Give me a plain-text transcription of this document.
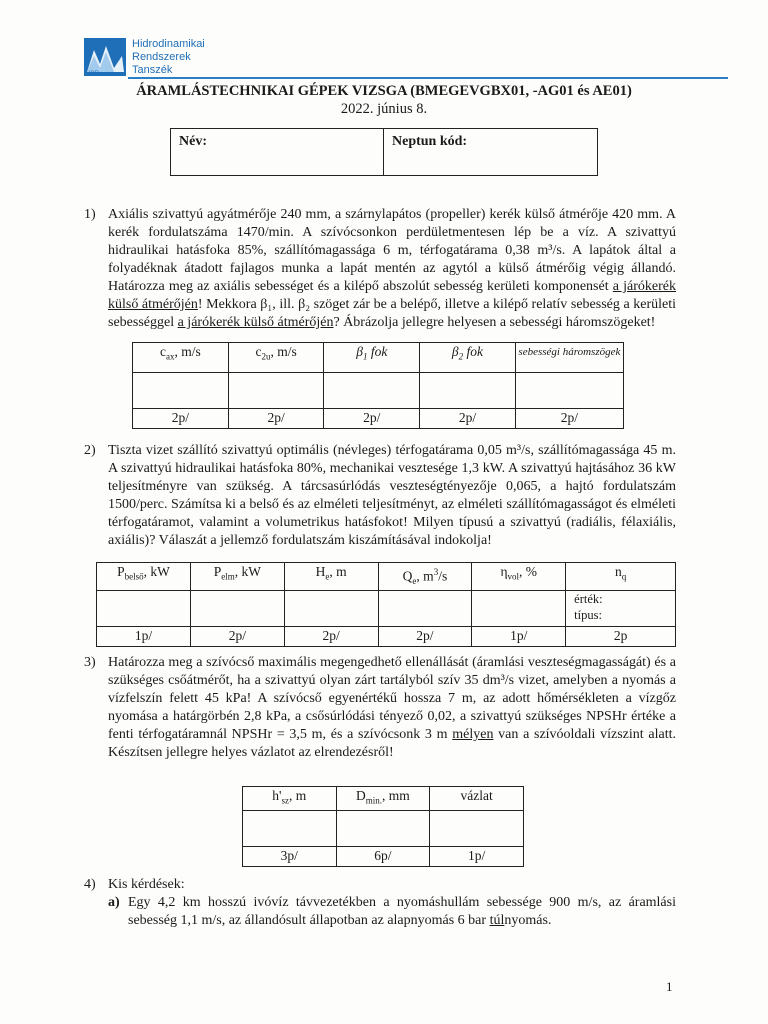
HDR
Hidrodinamikai
Rendszerek
Tanszék
ÁRAMLÁSTECHNIKAI GÉPEK VIZSGA (BMEGEVGBX01, -AG01 és AE01)
2022. június 8.
Név:	Neptun kód:
1) Axiális szivattyú agyátmérője 240 mm, a szárnylapátos (propeller) kerék külső átmérője 420 mm. A kerék fordulatszáma 1470/min. A szívócsonkon perdületmentesen lép be a víz. A szivattyú hidraulikai hatásfoka 85%, szállítómagassága 6 m, térfogatárama 0,38 m³/s. A lapátok által a folyadéknak átadott fajlagos munka a lapát mentén az agytól a külső átmérőig végig állandó. Határozza meg az axiális sebességet és a kilépő abszolút sebesség kerületi komponensét a járókerék külső átmérőjén! Mekkora β₁, ill. β₂ szöget zár be a belépő, illetve a kilépő relatív sebesség a kerületi sebességgel a járókerék külső átmérőjén? Ábrázolja jellegre helyesen a sebességi háromszögeket!

$c_{ax}$, m/s	$c_{2u}$, m/s	$\beta_1$ fok	$\beta_2$ fok	sebességi háromszögek

2p/	2p/	2p/	2p/	2p/
2) Tiszta vizet szállító szivattyú optimális (névleges) térfogatárama 0,05 m³/s, szállítómagassága 45 m. A szivattyú hidraulikai hatásfoka 80%, mechanikai vesztesége 1,3 kW. A szivattyú hajtásához 36 kW teljesítményre van szükség. A tárcsasúrlódás veszteségtényezője 0,065, a hajtó fordulatszám 1500/perc. Számítsa ki a belső és az elméleti teljesítményt, az elméleti szállítómagasságot és elméleti térfogatáramot, valamint a volumetrikus hatásfokot! Milyen típusú a szivattyú (radiális, félaxiális, axiális)? Válaszát a jellemző fordulatszám kiszámításával indokolja!
$P_{belső}$, kW	$P_{elm}$, kW	$H_e$, m	$Q_e$, $m^3/s$	$\eta_{vol}$, %	$n_q$

					érték:
típus:

1p/	2p/	2p/	2p/	1p/	2p
3) Határozza meg a szívócső maximális megengedhető ellenállását (áramlási veszteségmagasságát) és a szükséges csőátmérőt, ha a szivattyú olyan zárt tartályból szív 35 dm³/s vizet, amelyben a nyomás a vízfelszín felett 45 kPa! A szívócső egyenértékű hossza 7 m, az adott hőmérsékleten a vízgőz nyomása a határgörbén 2,8 kPa, a csősúrlódási tényező 0,02, a szivattyú szükséges NPSHr értéke a fenti térfogatáramnál NPSHr = 3,5 m, és a szívócsonk 3 m mélyen van a szívóoldali vízszint alatt. Készítsen jellegre helyes vázlatot az elrendezésről!

$h'_{sz}$, m	$D_{min.}$, mm	vázlat

3p/	6p/	1p/
4) Kis kérdések:
a) Egy 4,2 km hosszú ivóvíz távvezetékben a nyomáshullám sebessége 900 m/s, az áramlási sebesség 1,1 m/s, az állandósult állapotban az alapnyomás 6 bar túlnyomás.
1
